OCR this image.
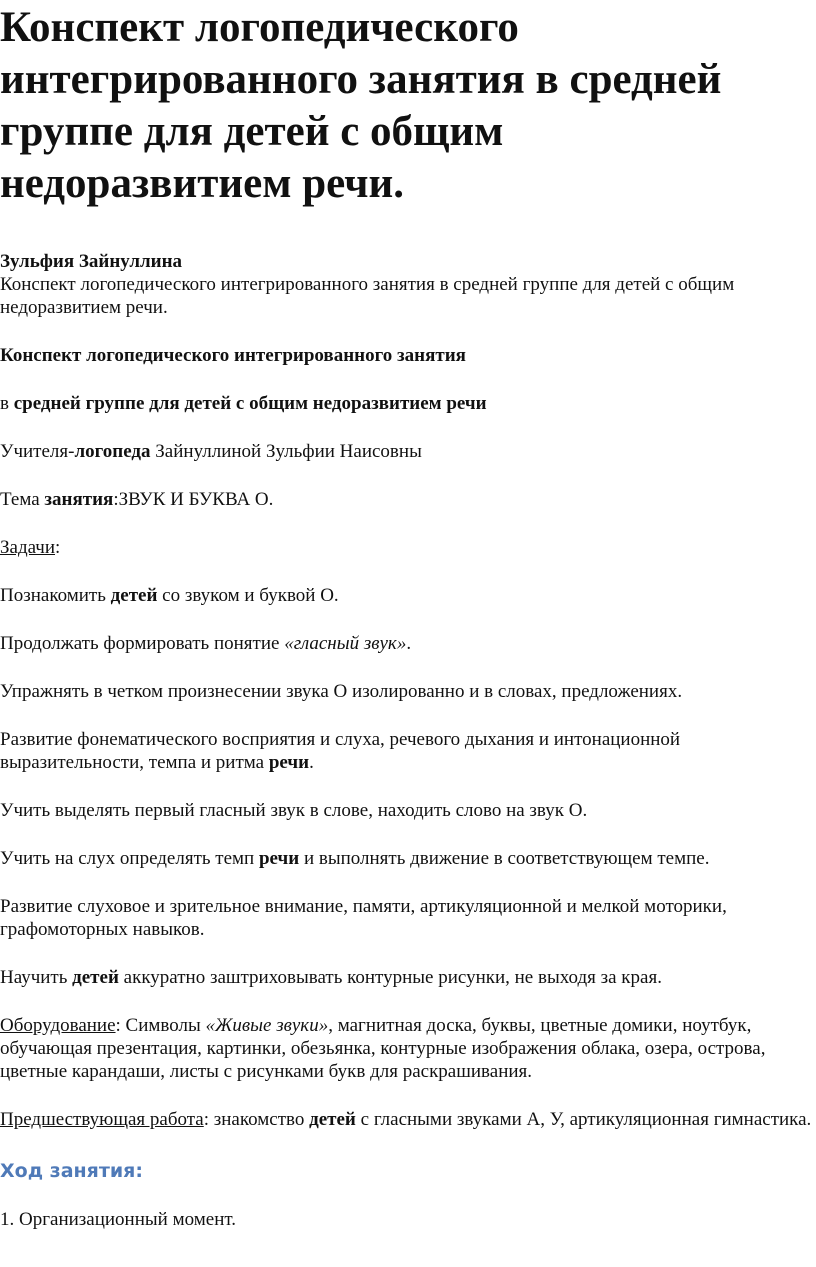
Конспект логопедического интегрированного занятия в средней группе для детей с общим недоразвитием речи.
Зульфия Зайнуллина

Конспект логопедического интегрированного занятия в средней группе для детей с общим недоразвитием речи.

Конспект логопедического интегрированного занятия

в средней группе для детей с общим недоразвитием речи

Учителя-логопеда Зайнуллиной Зульфии Наисовны

Тема занятия:ЗВУК И БУКВА О.

Задачи:

Познакомить детей со звуком и буквой О.

Продолжать формировать понятие «гласный звук».

Упражнять в четком произнесении звука О изолированно и в словах, предложениях.

Развитие фонематического восприятия и слуха, речевого дыхания и интонационной выразительности, темпа и ритма речи.

Учить выделять первый гласный звук в слове, находить слово на звук О.

Учить на слух определять темп речи и выполнять движение в соответствующем темпе.

Развитие слуховое и зрительное внимание, памяти, артикуляционной и мелкой моторики, графомоторных навыков.

Научить детей аккуратно заштриховывать контурные рисунки, не выходя за края.

Оборудование: Символы «Живые звуки», магнитная доска, буквы, цветные домики, ноутбук, обучающая презентация, картинки, обезьянка, контурные изображения облака, озера, острова, цветные карандаши, листы с рисунками букв для раскрашивания.

Предшествующая работа: знакомство детей с гласными звуками А, У, артикуляционная гимнастика.

Ход занятия:

1. Организационный момент.
